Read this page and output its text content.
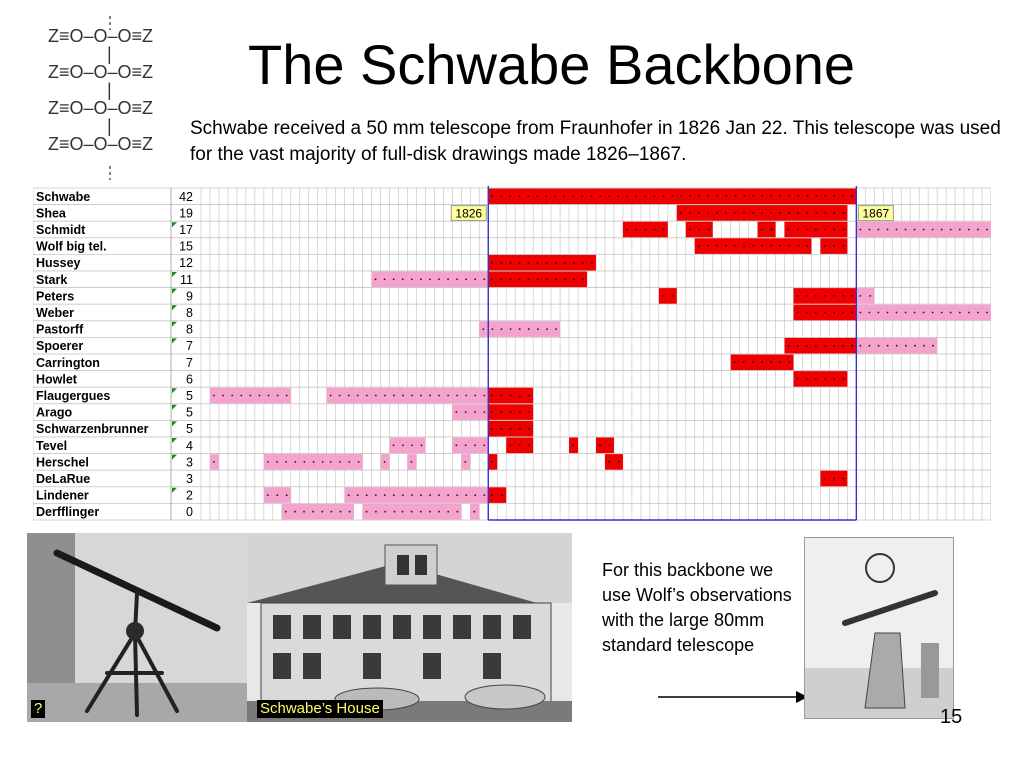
The Schwabe Backbone
Z≡O–O–O≡Z
|
Z≡O–O–O≡Z
|
Z≡O–O–O≡Z
|
Z≡O–O–O≡Z
Schwabe received a 50 mm telescope from Fraunhofer in 1826 Jan 22. This telescope was used for the vast majority of full-disk drawings made 1826–1867.
1826	1867
Schwabe	42
Shea	19
Schmidt	17
Wolf big tel.	15
Hussey	12
Stark	11
Peters	9
Weber	8
Pastorff	8
Spoerer	7
Carrington	7
Howlet	6
Flaugergues	5
Arago	5
Schwarzenbrunner	5
Tevel	4
Herschel	3
DeLaRue	3
Lindener	2
Derfflinger	0
?	Schwabe’s House
For this backbone we use Wolf’s observations with the large 80mm standard telescope
15
